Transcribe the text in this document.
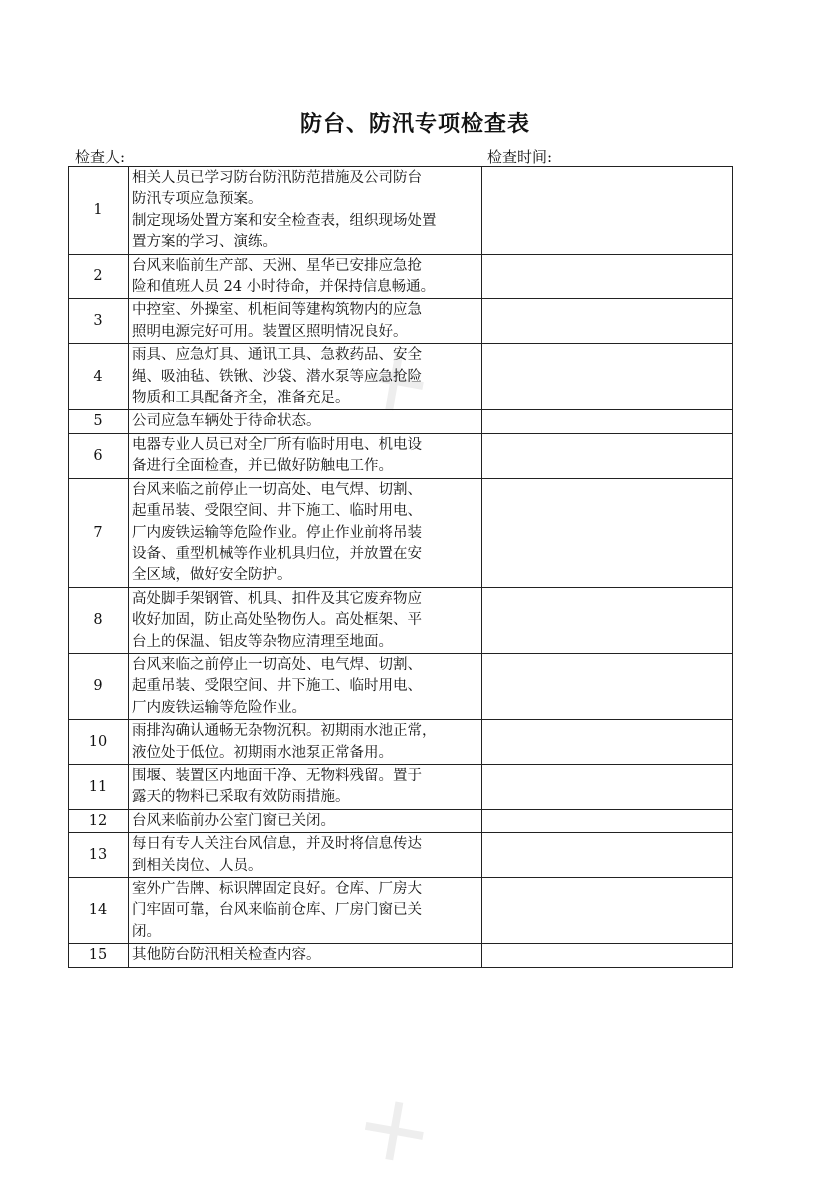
✕
✕
防台、防汛专项检查表
检查人:	检查时间:
1	相关人员已学习防台防汛防范措施及公司防台
防汛专项应急预案。
制定现场处置方案和安全检查表，组织现场处置
置方案的学习、演练。	

2	台风来临前生产部、天洲、星华已安排应急抢
险和值班人员 24 小时待命，并保持信息畅通。	

3	中控室、外操室、机柜间等建构筑物内的应急
照明电源完好可用。装置区照明情况良好。	

4	雨具、应急灯具、通讯工具、急救药品、安全
绳、吸油毡、铁锹、沙袋、潜水泵等应急抢险
物质和工具配备齐全，准备充足。	

5	公司应急车辆处于待命状态。	

6	电器专业人员已对全厂所有临时用电、机电设
备进行全面检查，并已做好防触电工作。	

7	台风来临之前停止一切高处、电气焊、切割、
起重吊装、受限空间、井下施工、临时用电、
厂内废铁运输等危险作业。停止作业前将吊装
设备、重型机械等作业机具归位，并放置在安
全区域，做好安全防护。	

8	高处脚手架钢管、机具、扣件及其它废弃物应
收好加固，防止高处坠物伤人。高处框架、平
台上的保温、铝皮等杂物应清理至地面。	

9	台风来临之前停止一切高处、电气焊、切割、
起重吊装、受限空间、井下施工、临时用电、
厂内废铁运输等危险作业。	

10	雨排沟确认通畅无杂物沉积。初期雨水池正常，
液位处于低位。初期雨水池泵正常备用。	

11	围堰、装置区内地面干净、无物料残留。置于
露天的物料已采取有效防雨措施。	

12	台风来临前办公室门窗已关闭。	

13	每日有专人关注台风信息，并及时将信息传达
到相关岗位、人员。	

14	室外广告牌、标识牌固定良好。仓库、厂房大
门牢固可靠，台风来临前仓库、厂房门窗已关
闭。	

15	其他防台防汛相关检查内容。	
